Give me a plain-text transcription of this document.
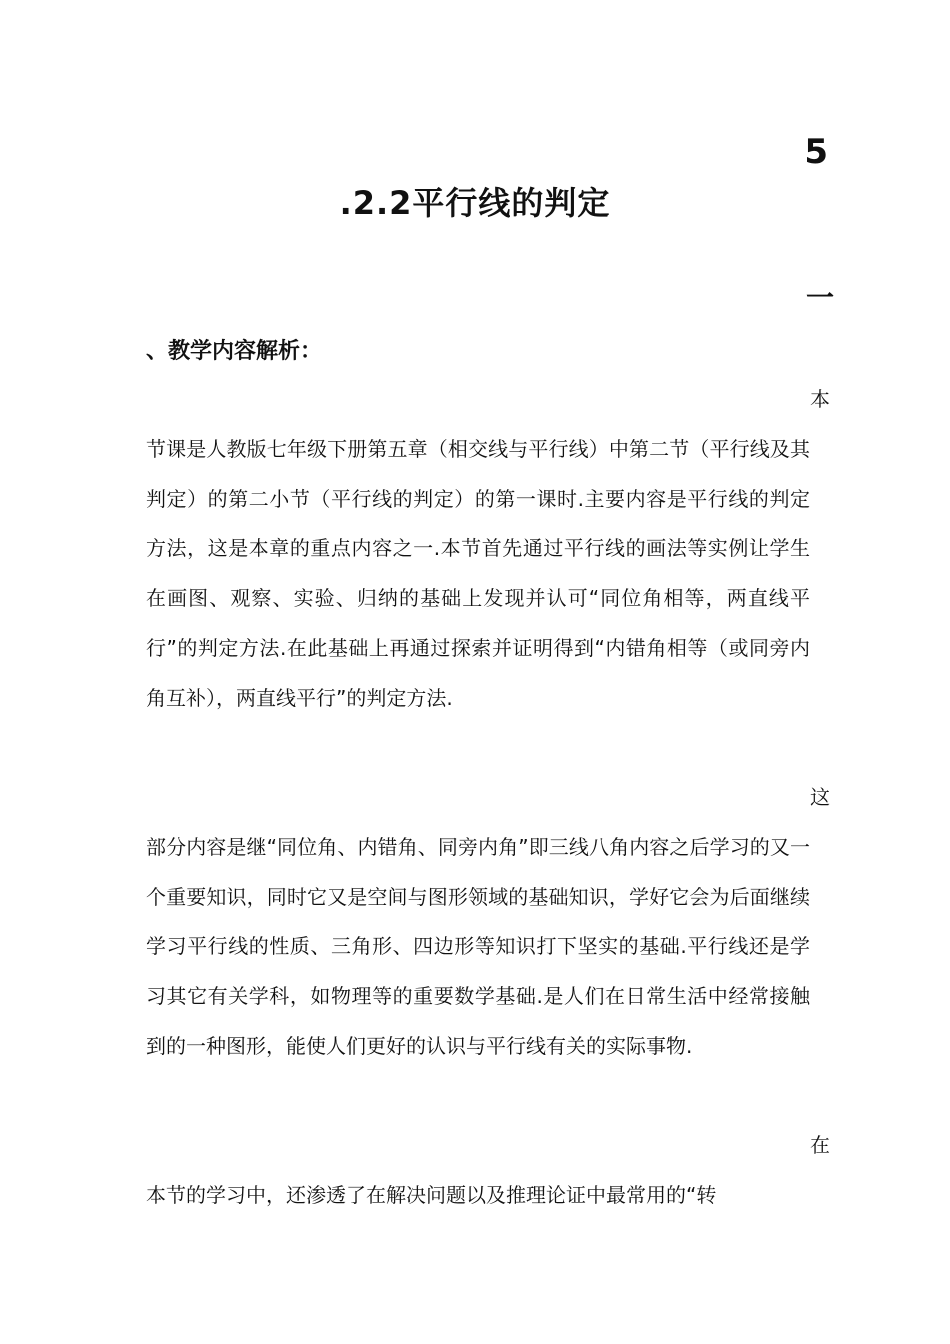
5
.2.2平行线的判定
一
、教学内容解析：
本

节课是人教版七年级下册第五章（相交线与平行线）中第二节（平行线及其判定）的第二小节（平行线的判定）的第一课时.主要内容是平行线的判定方法，这是本章的重点内容之一.本节首先通过平行线的画法等实例让学生在画图、观察、实验、归纳的基础上发现并认可“同位角相等，两直线平行”的判定方法.在此基础上再通过探索并证明得到“内错角相等（或同旁内角互补），两直线平行”的判定方法.

这

部分内容是继“同位角、内错角、同旁内角”即三线八角内容之后学习的又一个重要知识，同时它又是空间与图形领域的基础知识，学好它会为后面继续学习平行线的性质、三角形、四边形等知识打下坚实的基础.平行线还是学习其它有关学科，如物理等的重要数学基础.是人们在日常生活中经常接触到的一种图形，能使人们更好的认识与平行线有关的实际事物.

在

本节的学习中，还渗透了在解决问题以及推理论证中最常用的“转
